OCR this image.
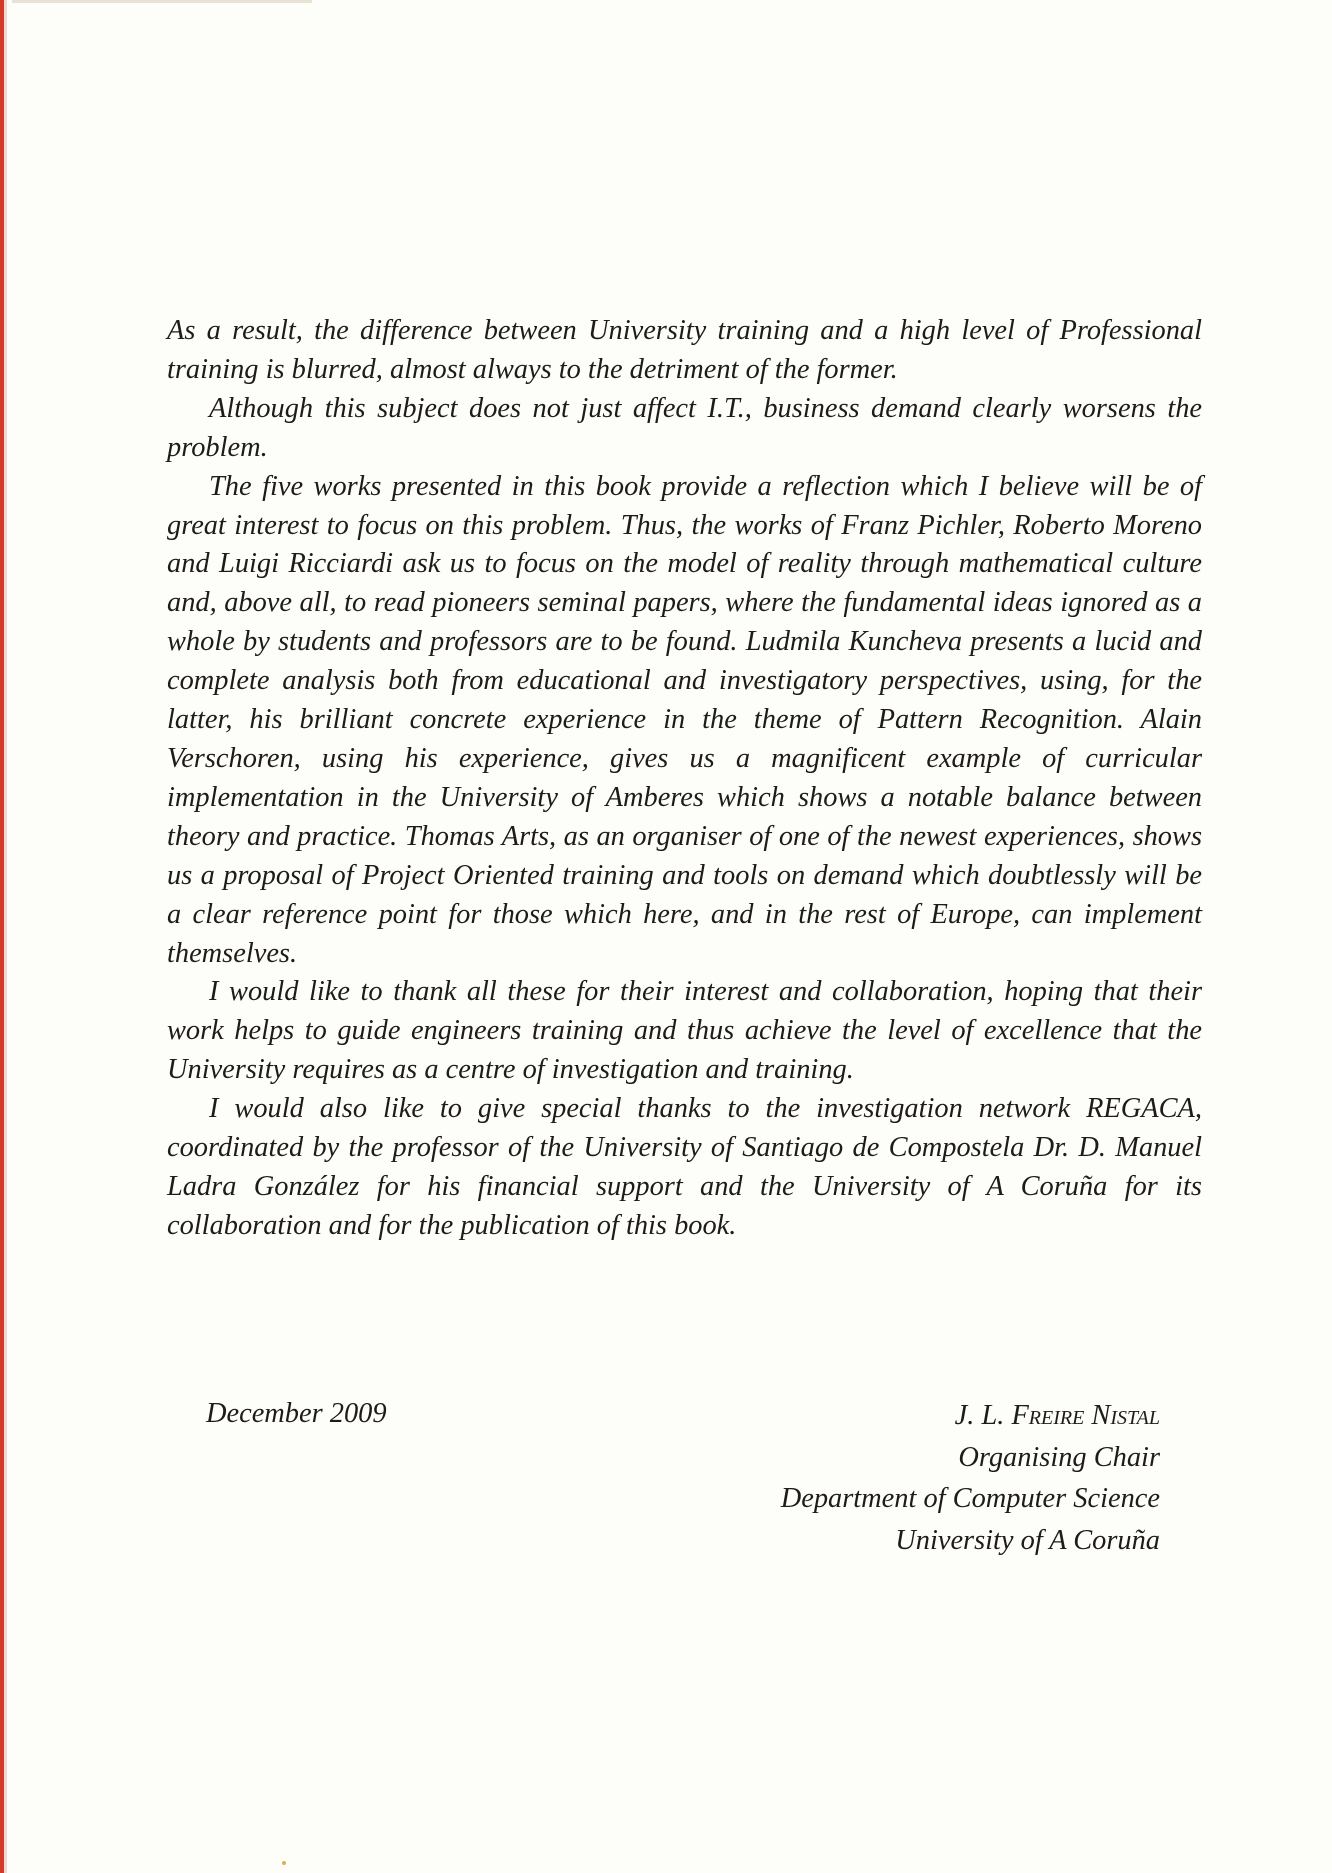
As a result, the difference between University training and a high level of Professional training is blurred, almost always to the detriment of the former.

Although this subject does not just affect I.T., business demand clearly worsens the problem.

The five works presented in this book provide a reflection which I believe will be of great interest to focus on this problem. Thus, the works of Franz Pichler, Roberto Moreno and Luigi Ricciardi ask us to focus on the model of reality through mathematical culture and, above all, to read pioneers seminal papers, where the fundamental ideas ignored as a whole by students and professors are to be found. Ludmila Kuncheva presents a lucid and complete analysis both from educational and investigatory perspectives, using, for the latter, his brilliant concrete experience in the theme of Pattern Recognition. Alain Verschoren, using his experience, gives us a magnificent example of curricular implementation in the University of Amberes which shows a notable balance between theory and practice. Thomas Arts, as an organiser of one of the newest experiences, shows us a proposal of Project Oriented training and tools on demand which doubtlessly will be a clear reference point for those which here, and in the rest of Europe, can implement themselves.

I would like to thank all these for their interest and collaboration, hoping that their work helps to guide engineers training and thus achieve the level of excellence that the University requires as a centre of investigation and training.

I would also like to give special thanks to the investigation network REGACA, coordinated by the professor of the University of Santiago de Compostela Dr. D. Manuel Ladra González for his financial support and the University of A Coruña for its collaboration and for the publication of this book.

December 2009	J. L. Freire Nistal
Organising Chair
Department of Computer Science
University of A Coruña
